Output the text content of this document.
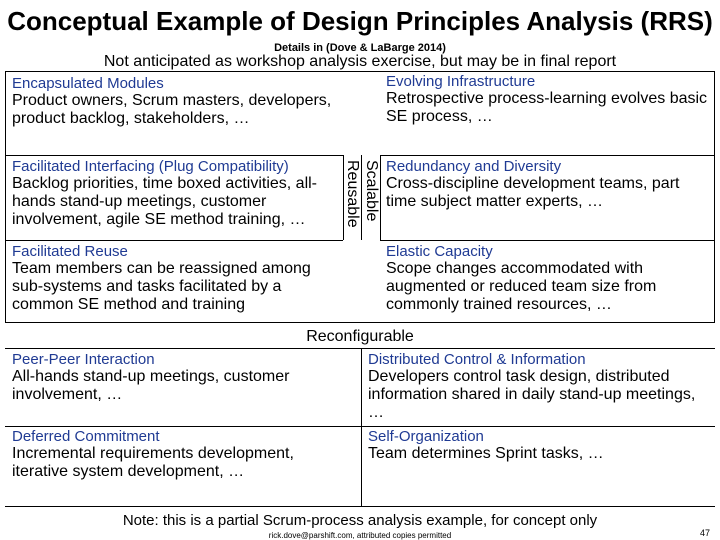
Conceptual Example of Design Principles Analysis (RRS)
Details in (Dove & LaBarge 2014)
Not anticipated as workshop analysis exercise, but may be in final report
Reusable Scalable
Encapsulated Modules
Product owners, Scrum masters, developers, product backlog, stakeholders, …
Facilitated Interfacing (Plug Compatibility)
Backlog priorities, time boxed activities, all-hands stand-up meetings, customer involvement, agile SE method training, …
Facilitated Reuse
Team members can be reassigned among sub-systems and tasks facilitated by a common SE method and training
Evolving Infrastructure
Retrospective process-learning evolves basic SE process, …
Redundancy and Diversity
Cross-discipline development teams, part time subject matter experts, …
Elastic Capacity
Scope changes accommodated with augmented or reduced team size from commonly trained resources, …
Reconfigurable
Peer-Peer Interaction
All-hands stand-up meetings, customer involvement, …
Deferred Commitment
Incremental requirements development, iterative system development, …
Distributed Control & Information
Developers control task design, distributed information shared in daily stand-up meetings, …
Self-Organization
Team determines Sprint tasks, …
Note: this is a partial Scrum-process analysis example, for concept only
rick.dove@parshift.com, attributed copies permitted	47
